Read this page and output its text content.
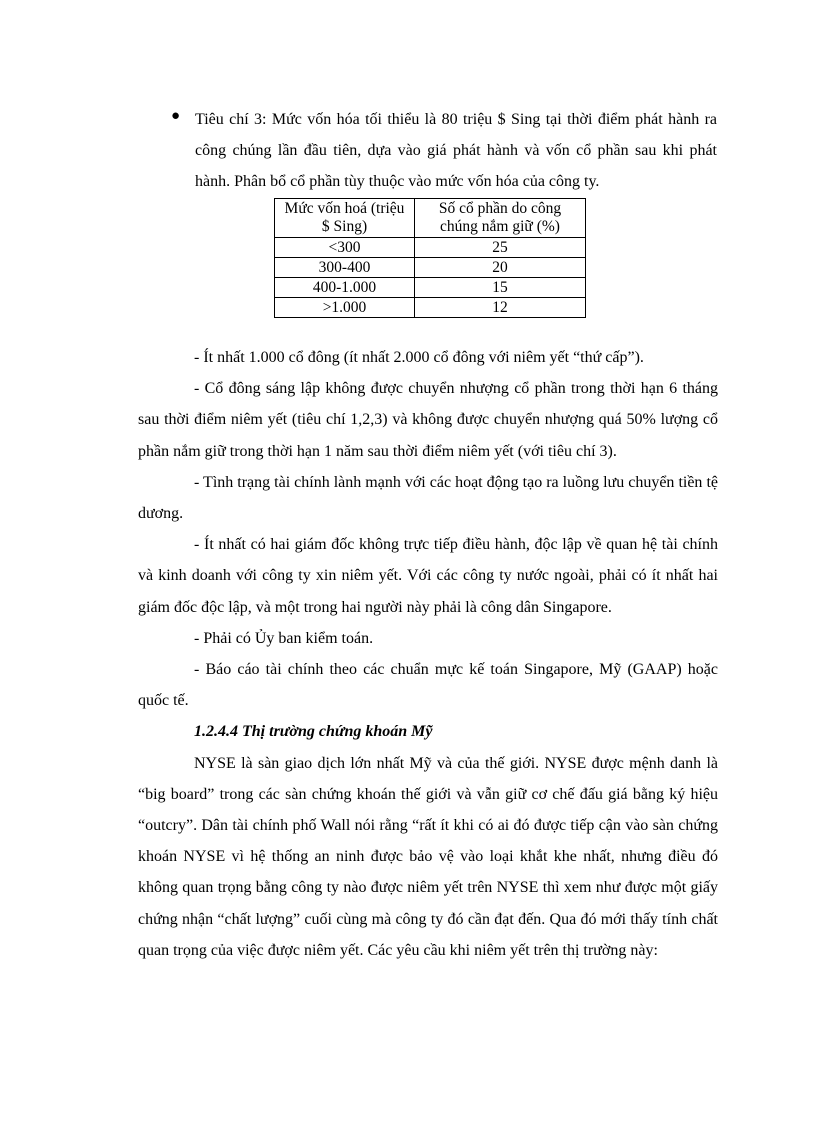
● Tiêu chí 3: Mức vốn hóa tối thiểu là 80 triệu $ Sing tại thời điểm phát hành ra công chúng lần đầu tiên, dựa vào giá phát hành và vốn cổ phần sau khi phát hành. Phân bổ cổ phần tùy thuộc vào mức vốn hóa của công ty.
Mức vốn hoá (triệu $ Sing)	Số cổ phần do công chúng nắm giữ (%)
<300	25
300-400	20
400-1.000	15
>1.000	12

- Ít nhất 1.000 cổ đông (ít nhất 2.000 cổ đông với niêm yết “thứ cấp”).

- Cổ đông sáng lập không được chuyển nhượng cổ phần trong thời hạn 6 tháng sau thời điểm niêm yết (tiêu chí 1,2,3) và không được chuyển nhượng quá 50% lượng cổ phần nắm giữ trong thời hạn 1 năm sau thời điểm niêm yết (với tiêu chí 3).

- Tình trạng tài chính lành mạnh với các hoạt động tạo ra luồng lưu chuyển tiền tệ dương.

- Ít nhất có hai giám đốc không trực tiếp điều hành, độc lập về quan hệ tài chính và kinh doanh với công ty xin niêm yết. Với các công ty nước ngoài, phải có ít nhất hai giám đốc độc lập, và một trong hai người này phải là công dân Singapore.

- Phải có Ủy ban kiểm toán.

- Báo cáo tài chính theo các chuẩn mực kế toán Singapore, Mỹ (GAAP) hoặc quốc tế.

1.2.4.4 Thị trường chứng khoán Mỹ

NYSE là sàn giao dịch lớn nhất Mỹ và của thế giới. NYSE được mệnh danh là “big board” trong các sàn chứng khoán thế giới và vẫn giữ cơ chế đấu giá bằng ký hiệu “outcry”. Dân tài chính phố Wall nói rằng “rất ít khi có ai đó được tiếp cận vào sàn chứng khoán NYSE vì hệ thống an ninh được bảo vệ vào loại khắt khe nhất, nhưng điều đó không quan trọng bằng công ty nào được niêm yết trên NYSE thì xem như được một giấy chứng nhận “chất lượng” cuối cùng mà công ty đó cần đạt đến. Qua đó mới thấy tính chất quan trọng của việc được niêm yết. Các yêu cầu khi niêm yết trên thị trường này:
